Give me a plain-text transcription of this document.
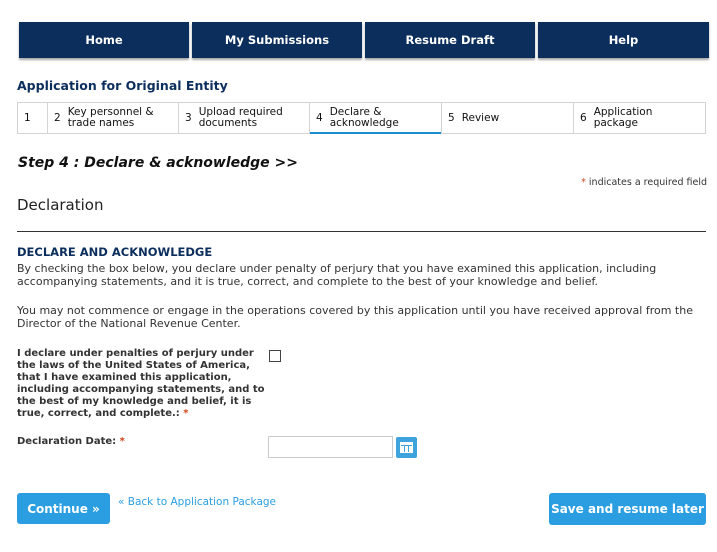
Home	My Submissions	Resume Draft	Help
Application for Original Entity
1 2 Key personnel & trade names	3 Upload required documents	4 Declare & acknowledge	5 Review	6 Application package
Step 4 : Declare & acknowledge >>
* indicates a required field
Declaration
DECLARE AND ACKNOWLEDGE
By checking the box below, you declare under penalty of perjury that you have examined this application, including accompanying statements, and it is true, correct, and complete to the best of your knowledge and belief.
You may not commence or engage in the operations covered by this application until you have received approval from the Director of the National Revenue Center.
I declare under penalties of perjury under the laws of the United States of America, that I have examined this application, including accompanying statements, and to the best of my knowledge and belief, it is true, correct, and complete.: *
Declaration Date: *
Continue »	« Back to Application Package	Save and resume later
